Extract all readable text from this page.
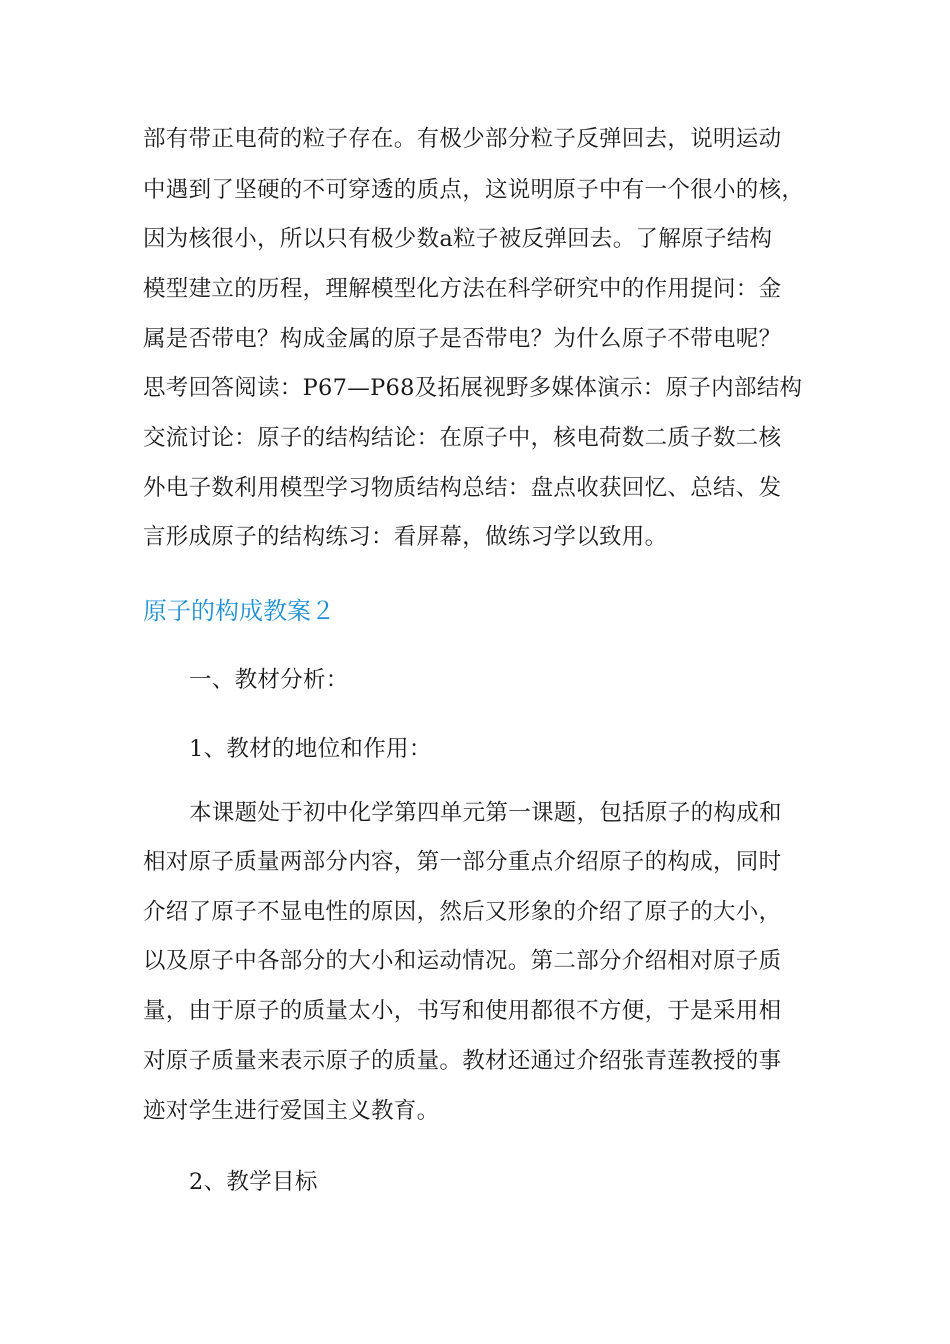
部有带正电荷的粒子存在。有极少部分粒子反弹回去，说明运动
中遇到了坚硬的不可穿透的质点，这说明原子中有一个很小的核，
因为核很小，所以只有极少数a粒子被反弹回去。了解原子结构
模型建立的历程，理解模型化方法在科学研究中的作用提问：金
属是否带电？构成金属的原子是否带电？为什么原子不带电呢？
思考回答阅读：P67—P68及拓展视野多媒体演示：原子内部结构
交流讨论：原子的结构结论：在原子中，核电荷数二质子数二核
外电子数利用模型学习物质结构总结：盘点收获回忆、总结、发
言形成原子的结构练习：看屏幕，做练习学以致用。
原子的构成教案２
一、教材分析：
1、教材的地位和作用：
本课题处于初中化学第四单元第一课题，包括原子的构成和
相对原子质量两部分内容，第一部分重点介绍原子的构成，同时
介绍了原子不显电性的原因，然后又形象的介绍了原子的大小，
以及原子中各部分的大小和运动情况。第二部分介绍相对原子质
量，由于原子的质量太小，书写和使用都很不方便，于是采用相
对原子质量来表示原子的质量。教材还通过介绍张青莲教授的事
迹对学生进行爱国主义教育。
2、教学目标
